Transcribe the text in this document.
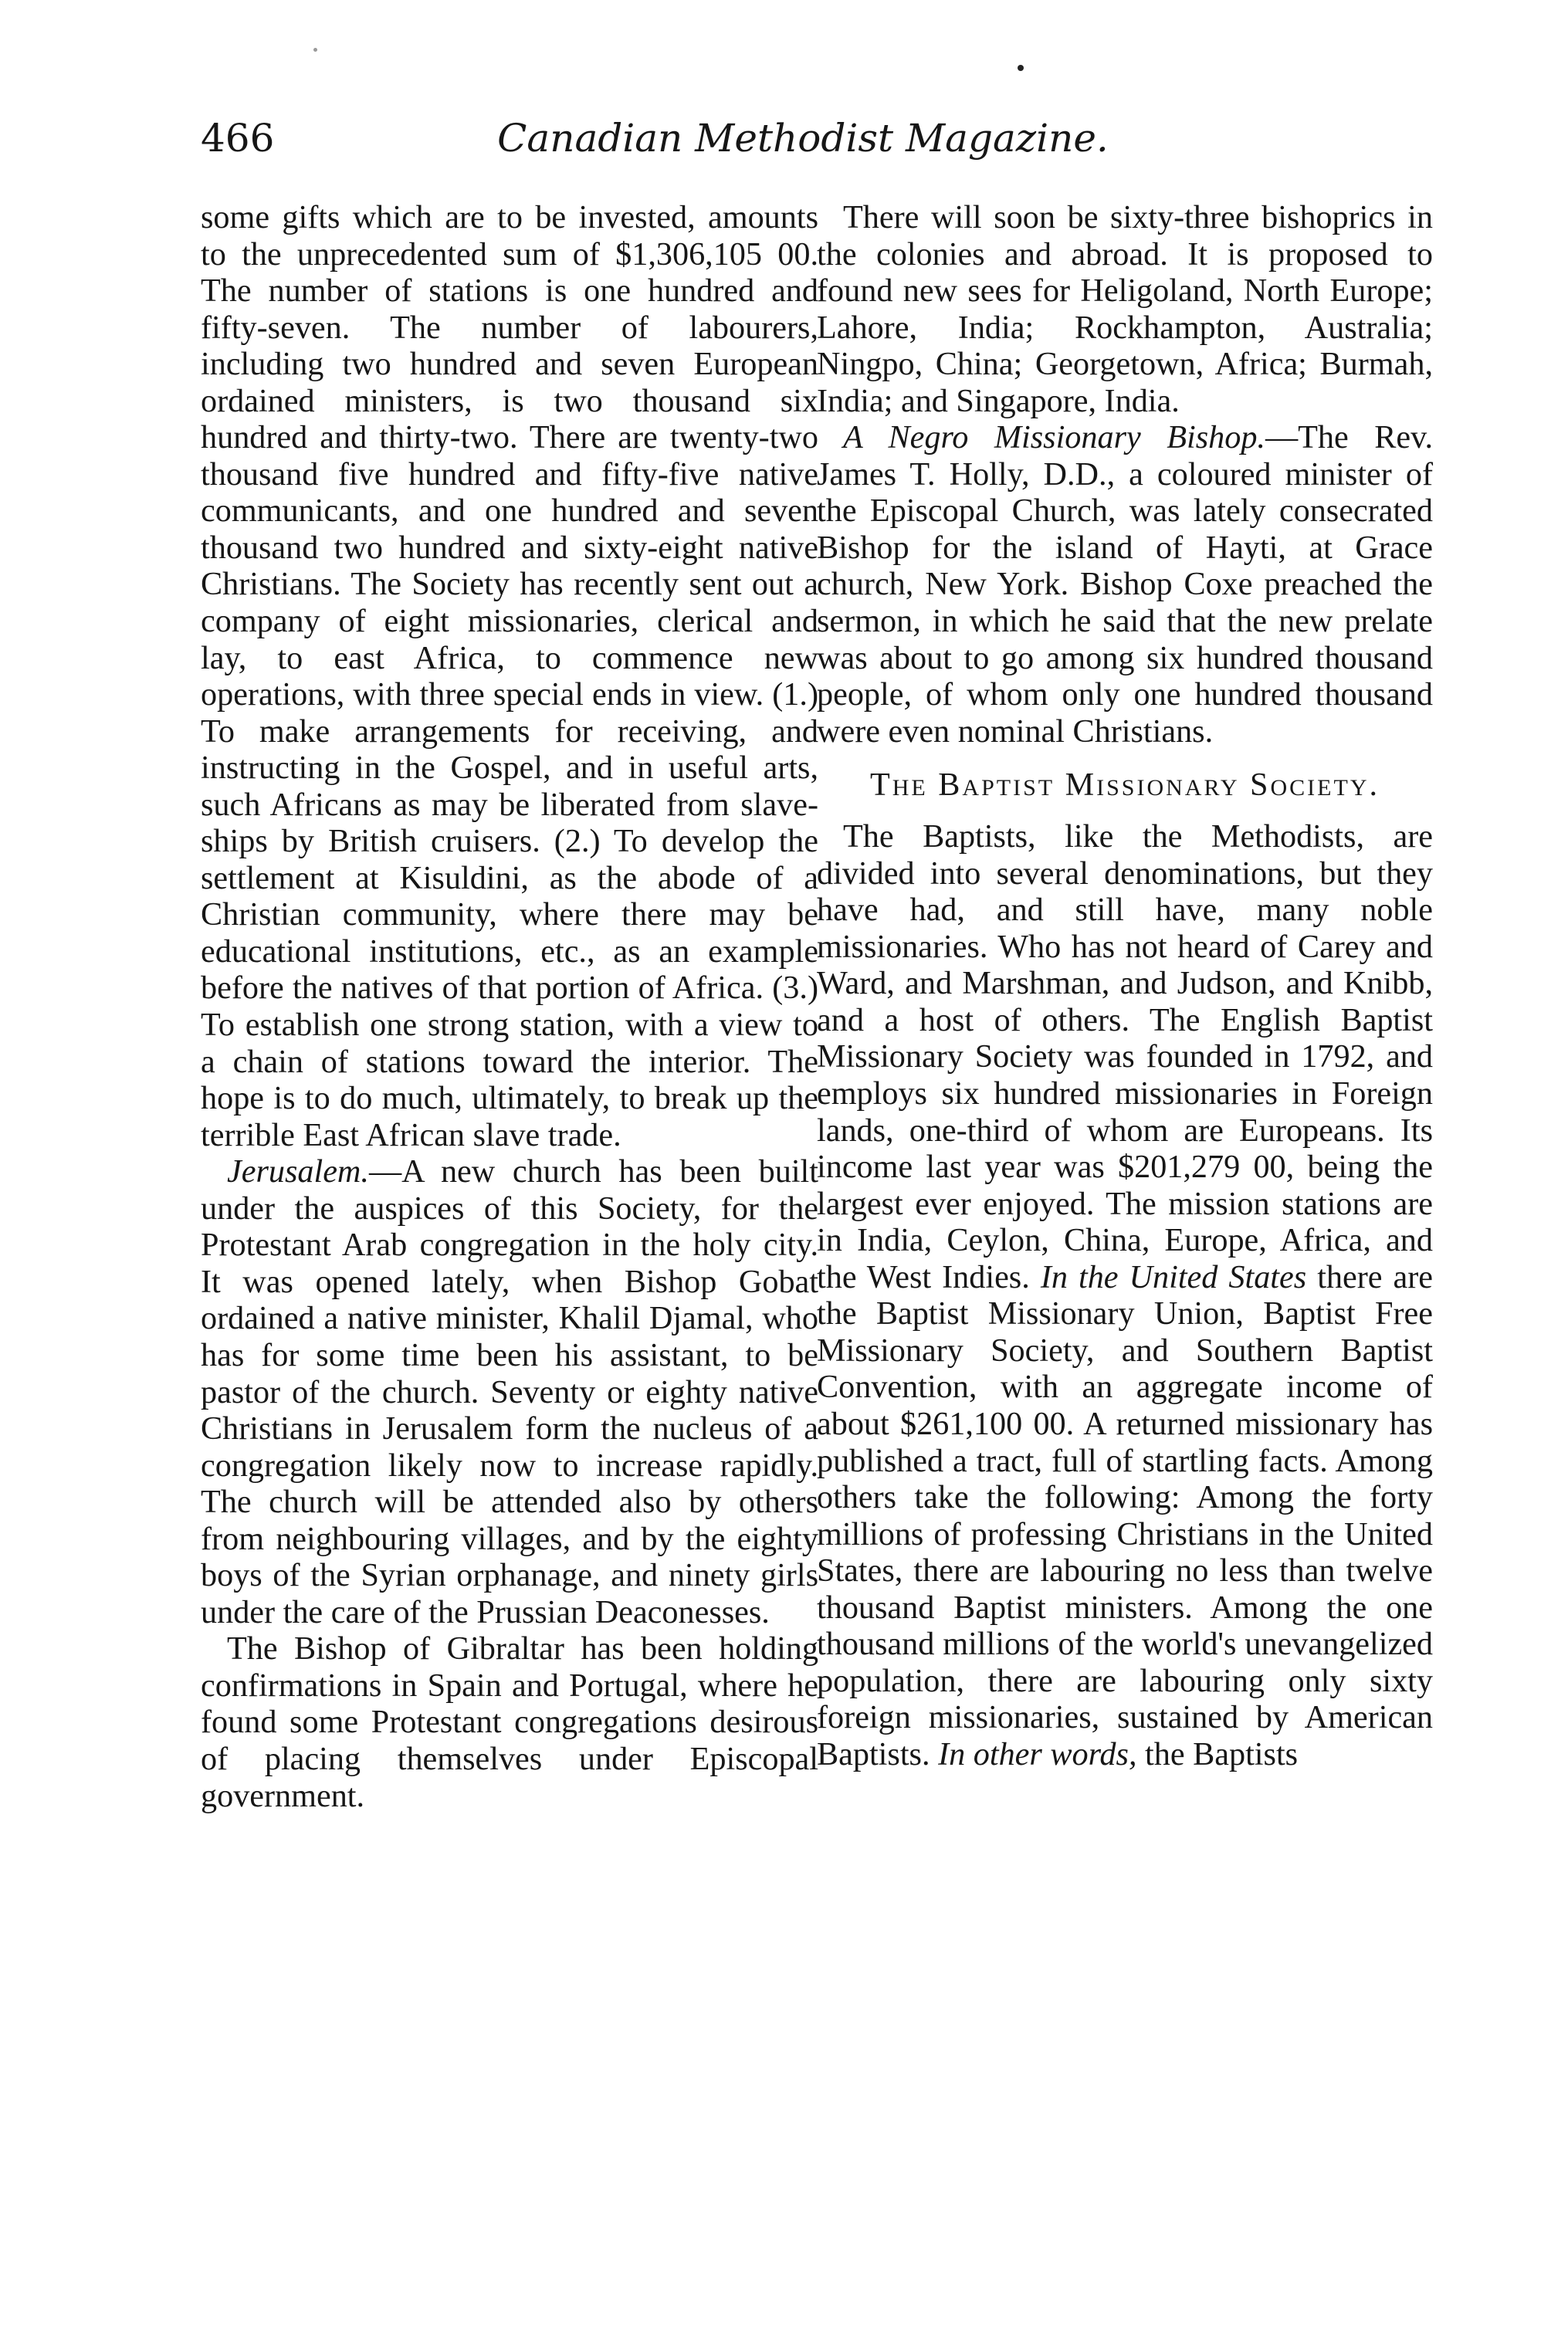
466	Canadian Methodist Magazine.

some gifts which are to be invested, amounts to the unprecedented sum of $1,306,105 00. The number of stations is one hundred and fifty-seven. The number of labourers, including two hundred and seven European ordained ministers, is two thousand six hundred and thirty-two. There are twenty-two thousand five hundred and fifty-five native communicants, and one hundred and seven thousand two hundred and sixty-eight native Christians. The Society has recently sent out a company of eight missionaries, clerical and lay, to east Africa, to commence new operations, with three special ends in view. (1.) To make arrangements for receiving, and instructing in the Gospel, and in useful arts, such Africans as may be liberated from slave-ships by British cruisers. (2.) To develop the settlement at Kisuldini, as the abode of a Christian community, where there may be educational institutions, etc., as an example before the natives of that portion of Africa. (3.) To establish one strong station, with a view to a chain of stations toward the interior. The hope is to do much, ultimately, to break up the terrible East African slave trade.

Jerusalem.—A new church has been built under the auspices of this Society, for the Protestant Arab congregation in the holy city. It was opened lately, when Bishop Gobat ordained a native minister, Khalil Djamal, who has for some time been his assistant, to be pastor of the church. Seventy or eighty native Christians in Jerusalem form the nucleus of a congregation likely now to increase rapidly. The church will be attended also by others from neighbouring villages, and by the eighty boys of the Syrian orphanage, and ninety girls under the care of the Prussian Deaconesses.

The Bishop of Gibraltar has been holding confirmations in Spain and Portugal, where he found some Protestant congregations desirous of placing themselves under Episcopal government.

There will soon be sixty-three bishoprics in the colonies and abroad. It is proposed to found new sees for Heligoland, North Europe; Lahore, India; Rockhampton, Australia; Ningpo, China; Georgetown, Africa; Burmah, India; and Singapore, India.

A Negro Missionary Bishop.—The Rev. James T. Holly, D.D., a coloured minister of the Episcopal Church, was lately consecrated Bishop for the island of Hayti, at Grace church, New York. Bishop Coxe preached the sermon, in which he said that the new prelate was about to go among six hundred thousand people, of whom only one hundred thousand were even nominal Christians.

The Baptist Missionary Society.

The Baptists, like the Methodists, are divided into several denominations, but they have had, and still have, many noble missionaries. Who has not heard of Carey and Ward, and Marshman, and Judson, and Knibb, and a host of others. The English Baptist Missionary Society was founded in 1792, and employs six hundred missionaries in Foreign lands, one-third of whom are Europeans. Its income last year was $201,279 00, being the largest ever enjoyed. The mission stations are in India, Ceylon, China, Europe, Africa, and the West Indies. In the United States there are the Baptist Missionary Union, Baptist Free Missionary Society, and Southern Baptist Convention, with an aggregate income of about $261,100 00. A returned missionary has published a tract, full of startling facts. Among others take the following: Among the forty millions of professing Christians in the United States, there are labouring no less than twelve thousand Baptist ministers. Among the one thousand millions of the world's unevangelized population, there are labouring only sixty foreign missionaries, sustained by American Baptists. In other words, the Baptists
